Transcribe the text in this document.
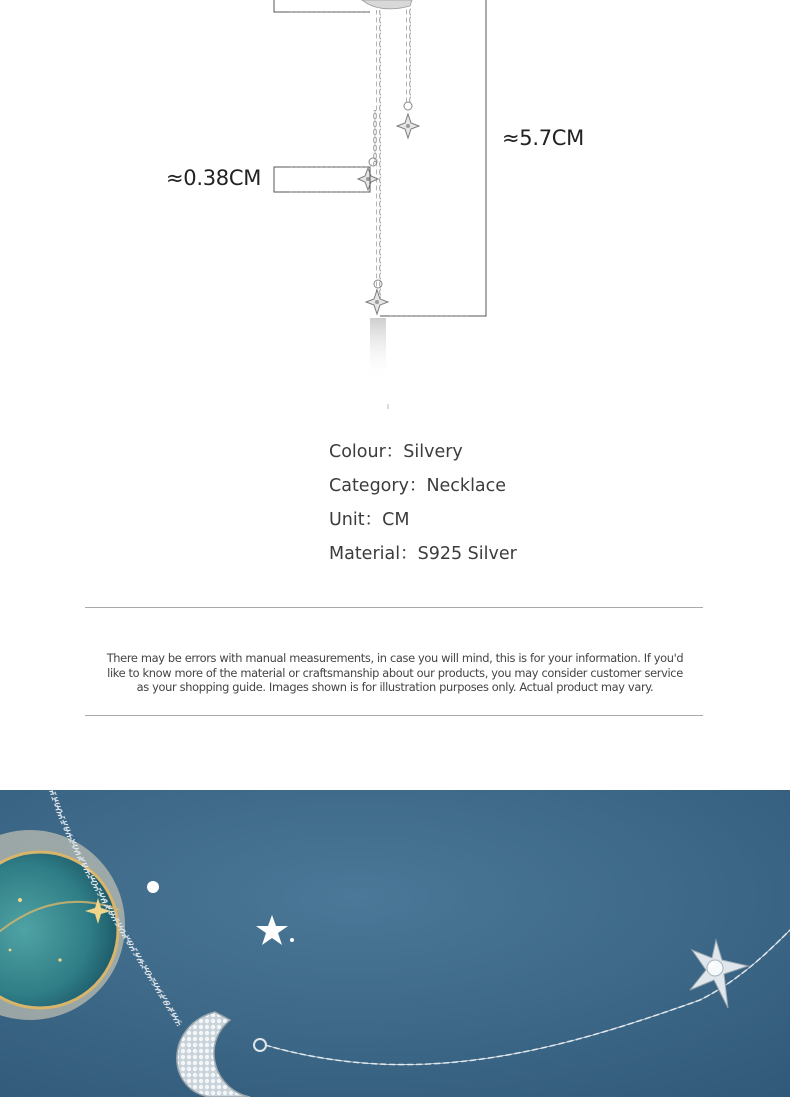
≈5.7CM
≈0.38CM
Colour：Silvery
Category：Necklace
Unit：CM
Material：S925 Silver
There may be errors with manual measurements, in case you will mind, this is for your information. If you'd like to know more of the material or craftsmanship about our products, you may consider customer service as your shopping guide. Images shown is for illustration purposes only. Actual product may vary.
